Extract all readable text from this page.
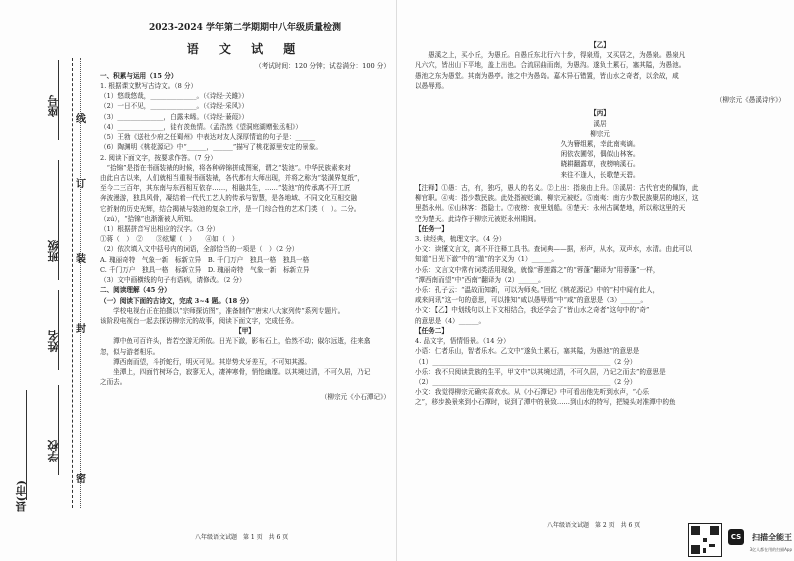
学校
姓名
班级
座号
县(市)
密
封
线
装
订
2023-2024 学年第二学期期中八年级质量检测
语 文 试 题
（考试时间：120 分钟；试卷满分：100 分）
一、积累与运用（15 分）
1. 根据课文默写古诗文。（8 分）
（1）悠哉悠哉，______________。（《诗经·关雎》）
（2）一日不见，______________。（《诗经·采风》）
（3）______________，白露未晞。（《诗经·蒹葭》）
（4）______________，徒有羡鱼情。（孟浩然《望洞庭湖赠张丞相》）
（5）王勃《送杜少府之任蜀州》中表达对友人深厚情谊的句子是：______
（6）陶渊明《桃花源记》中“______，______”描写了桃花源里安定的景象。
2. 阅读下面文字，按要求作答。（7 分）
　“拾锦”是指在书画装裱的时候，将各种碎锦拼成图案，谓之“装池”。中华民族素来对
由此自古以来，人们就相当重视书画装裱，各代都有大师出现，并将之称为“装潢界复纸”，
至今二三百年，其东南与东西相互依存……，相融共生，……“装池”的传承离不开工匠
奔波漫游，独具风骨，凝结着一代代工艺人的传承与智慧，是各地域、不同文化互相交融
它折射的历史光辉，结合揭裱与装池的复杂工序，是一门综合性的艺术门类（　）。二分。
（zú），“拾锦”也渐渐被人所知。
（1）根据拼音写出相应的汉字。（3 分）
①蒋（　）　②　　③炫耀（　）　　④如（　）
（2）依次填入文中括号内的词语，全部恰当的一项是（　）（2 分）
A. 瑰丽奇特　气象一新　标新立异　B. 千门万户　独具一格　独具一格
C. 千门万户　独具一格　标新立异　D. 瑰丽奇特　气象一新　标新立异
（3）文中画横线的句子有语病，请修改。（2 分）
二、阅读理解（45 分）
（一）阅读下面的古诗文，完成 3~4 题。（18 分）
　　学校电视台正在拍摄以“宗师探访图”，准备制作“唐宋八大家列传”系列专题片。
该阶段电视台一起去探访柳宗元的故事，阅读下面文字，完成任务。
【甲】
　　潭中鱼可百许头，皆若空游无所依。日光下澈，影布石上，佁然不动；俶尔远逝，往来翕
忽，似与游者相乐。
　　潭西南而望，斗折蛇行，明灭可见。其岸势犬牙差互，不可知其源。
　　坐潭上，四面竹树环合，寂寥无人，凄神寒骨，悄怆幽邃。以其境过清，不可久居，乃记
之而去。
（柳宗元《小石潭记》）
八年级语文试题　第 1 页　共 6 页
【乙】
　　愚溪之上，买小丘，为愚丘。自愚丘东北行六十步，得泉焉，又买居之，为愚泉。愚泉凡
凡六穴，皆出山下平地，盖上出也。合流屈曲而南，为愚沟。遂负土累石，塞其隘，为愚池。
愚池之东为愚堂。其南为愚亭。池之中为愚岛。嘉木异石错置，皆山水之奇者，以余故，咸
以愚辱焉。
（柳宗元《愚溪诗序》）
【丙】
溪居
柳宗元
久为簪组累，幸此南夷谪。
闲依农圃邻，偶似山林客。
晓耕翻露草，夜榜响溪石。
来往不逢人，长歌楚天碧。
【注释】①愚：古，有，独巧，愚人的名义。②上出：指泉由上升。③溪居：古代官吏的佩饰，此
柳官职。④夷：指少数民族。此处指被贬谪、柳宗元被贬。⑤南夷：南方少数民族聚居的地区，这
里指永州。⑥山林客：指隐士。⑦夜榜：夜里划船。⑧楚天：永州古属楚地，所以称这里的天
空为楚天。此诗作于柳宗元被贬永州期间。
【任务一】
3. 读经典，梳理文字。（4 分）
小文：读懂文言文，离不开注释工具书。查词典——据，形声，从水，双声水，水清。由此可以
知道“日光下澈”中的“澈”的字义为（1）______。
小乐：文言文中常有词类活用现象，就像“蓉莲露之”的“蓉蓬”翻译为“用蓉蓬”一样，
“潭西南而望”中“西南”翻译为（2）______。
小乐：孔子云：“温故而知新，可以为师矣。”回忆《桃花源记》中的“村中闻有此人，
咸来问讯”这一句的意思，可以推知“咸以愚辱焉”中“咸”的意思是（3）______。
小文：【乙】中划线句以上下文相结合，我还学会了“皆山水之奇者”这句中的“奇”
的意思是（4）______。
【任务二】
4. 品文字，悟情悟景。（14 分）
小语：仁者乐山，智者乐水。乙文中“遂负土累石，塞其隘，为愚池”的意思是
（1）______________________________________________________（2 分）
小乐：我不只阅读贵族的生平，甲文中“以其境过清，不可久居，乃记之而去”的意思是
（2）______________________________________________________（2 分）
小文：我觉得柳宗元确实喜欢水。从《小石潭记》中可看出他先听到水声，“心乐
之”，移步换景来到小石潭时，说到了潭中的景致……到山水的特写，把镜头对准潭中的鱼
八年级语文试题　第 2 页　共 6 页
CS	扫描全能王
3亿人都在用的扫描App
